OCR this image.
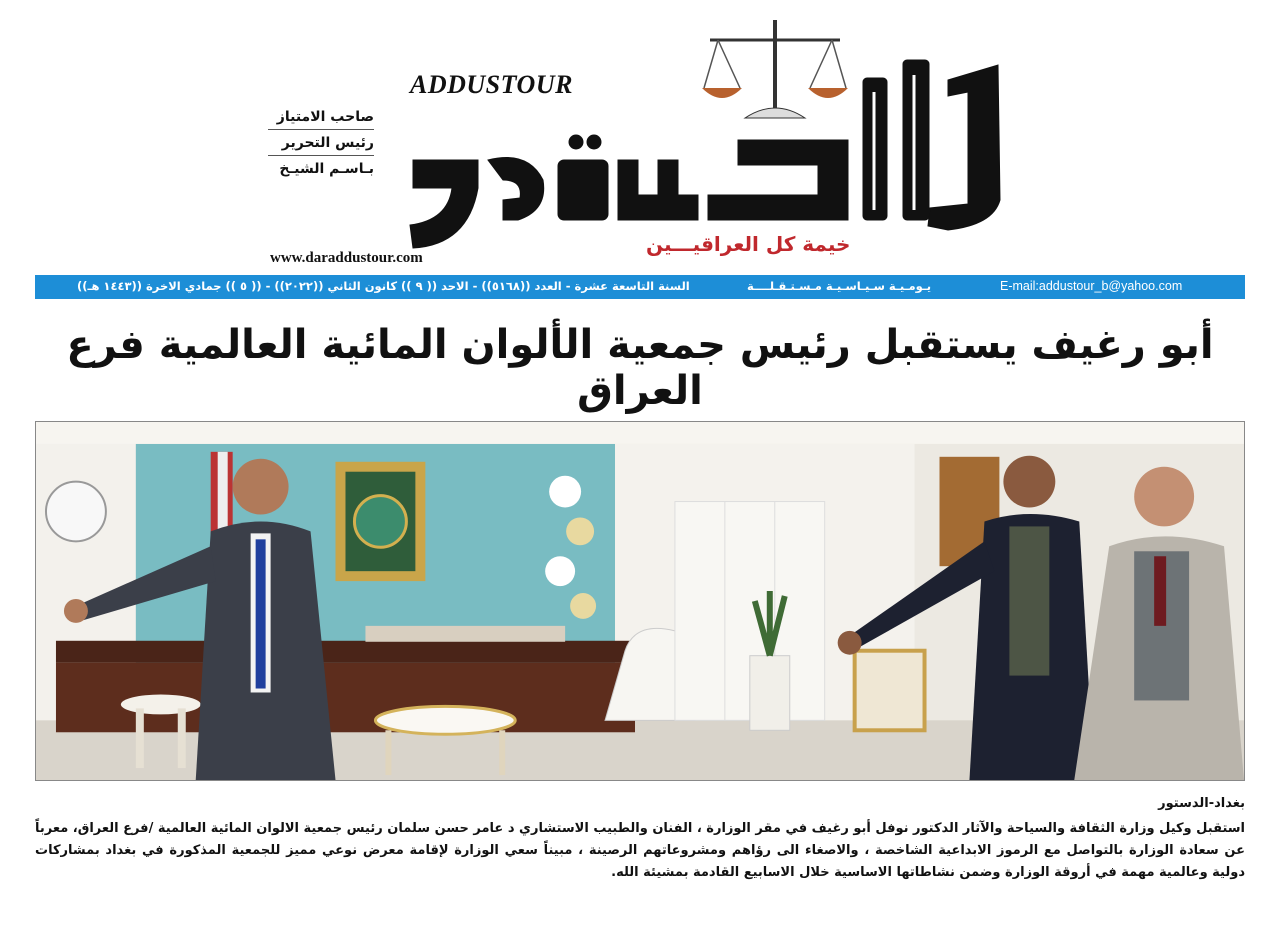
صاحب الامتياز
رئيس التحرير
بـاسـم الشيـخ
ADDUSTOUR
www.daraddustour.com
خيمة كل العراقيـــين
E-mail:addustour_b@yahoo.com
يـومـيـة سـيـاسـيـة مـسـتـقـلــــة
السنة التاسعة عشرة - العدد ((٥١٦٨)) - الاحد (( ٩ )) كانون الثاني ((٢٠٢٢)) - (( ٥ )) جمادي الاخرة ((١٤٤٣ هـ))
أبو رغيف يستقبل رئيس جمعية الألوان المائية العالمية فرع العراق
بغداد-الدستور
استقبل وكيل وزارة الثقافة والسياحة والآثار الدكتور نوفل أبو رغيف في مقر الوزارة ، الفنان والطبيب الاستشاري د عامر حسن سلمان رئيس جمعية الالوان المائية العالمية /فرع العراق، معرباً عن سعادة الوزارة بالتواصل مع الرموز الابداعية الشاخصة ، والاصغاء الى رؤاهم ومشروعاتهم الرصينة ، مبيناً سعي الوزارة لإقامة معرض نوعي مميز للجمعية المذكورة في بغداد بمشاركات دولية وعالمية مهمة في أروقة الوزارة وضمن نشاطاتها الاساسية خلال الاسابيع القادمة بمشيئة الله.
